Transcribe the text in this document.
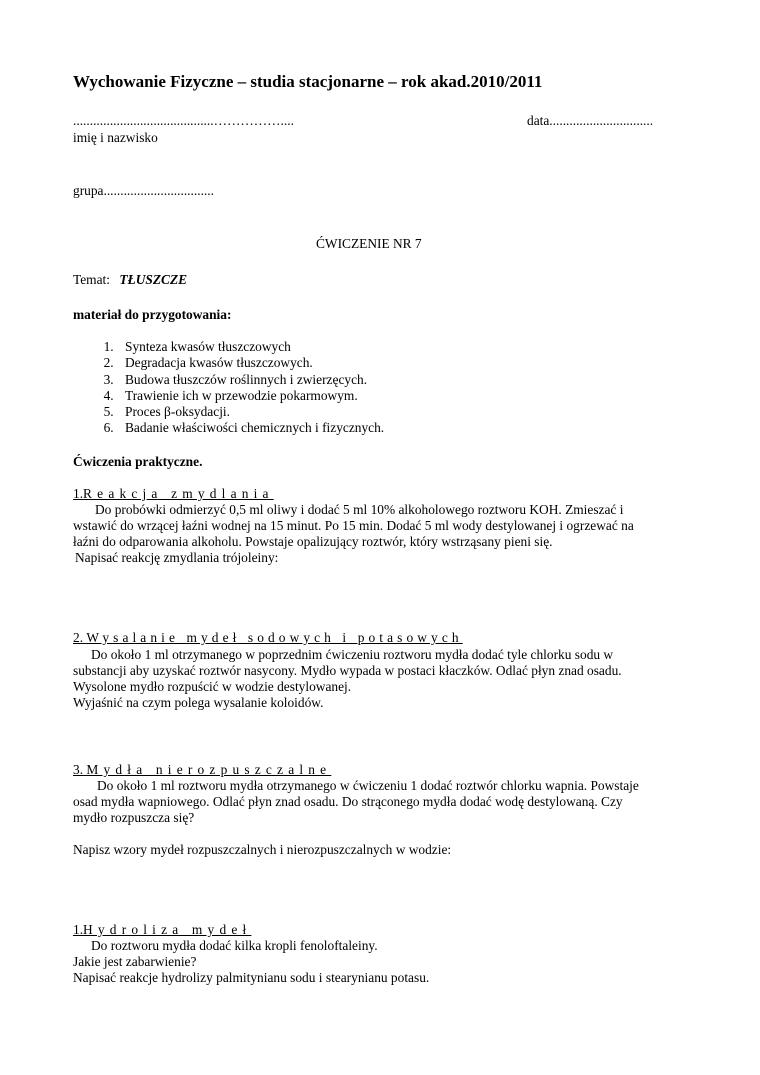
Wychowanie Fizyczne – studia stacjonarne – rok akad.2010/2011
..........................................……………....	data...............................
imię i nazwisko
grupa.................................
ĆWICZENIE NR 7
Temat: TŁUSZCZE
materiał do przygotowania:
1. Synteza kwasów tłuszczowych
2. Degradacja kwasów tłuszczowych.
3. Budowa tłuszczów roślinnych i zwierzęcych.
4. Trawienie ich w przewodzie pokarmowym.
5. Proces β-oksydacji.
6. Badanie właściwości chemicznych i fizycznych.
Ćwiczenia praktyczne.
1.Reakcja zmydlania
Do probówki odmierzyć 0,5 ml oliwy i dodać 5 ml 10% alkoholowego roztworu KOH. Zmieszać i
wstawić do wrzącej łaźni wodnej na 15 minut. Po 15 min. Dodać 5 ml wody destylowanej i ogrzewać na
łaźni do odparowania alkoholu. Powstaje opalizujący roztwór, który wstrząsany pieni się.
Napisać reakcję zmydlania trójoleiny:
2. Wysalanie mydeł sodowych i potasowych
Do około 1 ml otrzymanego w poprzednim ćwiczeniu roztworu mydła dodać tyle chlorku sodu w
substancji aby uzyskać roztwór nasycony. Mydło wypada w postaci kłaczków. Odlać płyn znad osadu.
Wysolone mydło rozpuścić w wodzie destylowanej.
Wyjaśnić na czym polega wysalanie koloidów.
3. Mydła nierozpuszczalne
Do około 1 ml roztworu mydła otrzymanego w ćwiczeniu 1 dodać roztwór chlorku wapnia. Powstaje
osad mydła wapniowego. Odlać płyn znad osadu. Do strąconego mydła dodać wodę destylowaną. Czy
mydło rozpuszcza się?
Napisz wzory mydeł rozpuszczalnych i nierozpuszczalnych w wodzie:
1.Hydroliza mydeł
Do roztworu mydła dodać kilka kropli fenoloftaleiny.
Jakie jest zabarwienie?
Napisać reakcje hydrolizy palmitynianu sodu i stearynianu potasu.
